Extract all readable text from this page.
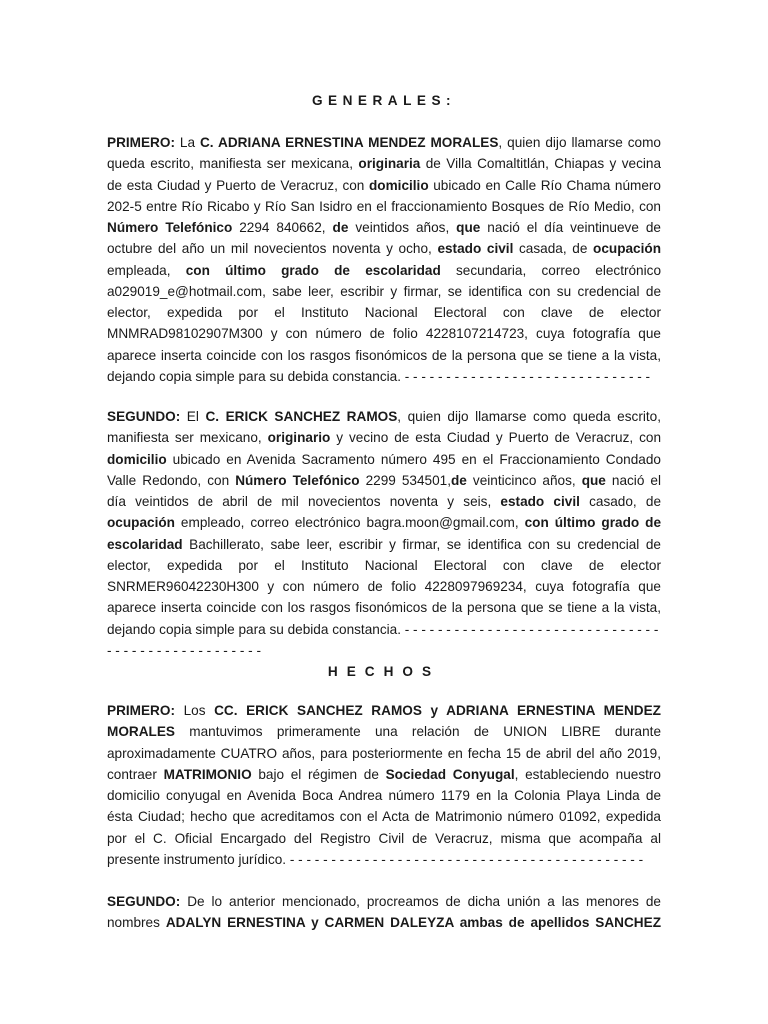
GENERALES:
PRIMERO: La C. ADRIANA ERNESTINA MENDEZ MORALES, quien dijo llamarse como
queda escrito, manifiesta ser mexicana, originaria de Villa Comaltitlán, Chiapas y vecina
de esta Ciudad y Puerto de Veracruz, con domicilio ubicado en Calle Río Chama número
202-5 entre Río Ricabo y Río San Isidro en el fraccionamiento Bosques de Río Medio, con
Número Telefónico 2294 840662, de veintidos años, que nació el día veintinueve de
octubre del año un mil novecientos noventa y ocho, estado civil casada, de ocupación
empleada, con último grado de escolaridad secundaria, correo electrónico
a029019_e@hotmail.com, sabe leer, escribir y firmar, se identifica con su credencial de
elector, expedida por el Instituto Nacional Electoral con clave de elector
MNMRAD98102907M300 y con número de folio 4228107214723, cuya fotografía que
aparece inserta coincide con los rasgos fisonómicos de la persona que se tiene a la vista,
dejando copia simple para su debida constancia. - - - - - - - - - - - - - - - - - - - - - - - - - - - - - -
SEGUNDO: El C. ERICK SANCHEZ RAMOS, quien dijo llamarse como queda escrito,
manifiesta ser mexicano, originario y vecino de esta Ciudad y Puerto de Veracruz, con
domicilio ubicado en Avenida Sacramento número 495 en el Fraccionamiento Condado
Valle Redondo, con Número Telefónico 2299 534501,de veinticinco años, que nació el
día veintidos de abril de mil novecientos noventa y seis, estado civil casado, de
ocupación empleado, correo electrónico bagra.moon@gmail.com, con último grado de
escolaridad Bachillerato, sabe leer, escribir y firmar, se identifica con su credencial de
elector, expedida por el Instituto Nacional Electoral con clave de elector
SNRMER96042230H300 y con número de folio 4228097969234, cuya fotografía que
aparece inserta coincide con los rasgos fisonómicos de la persona que se tiene a la vista,
dejando copia simple para su debida constancia. - - - - - - - - - - - - - - - - - - - - - - - - - - - - - - -
- - - - - - - - - - - - - - - - - - -
HECHOS
PRIMERO: Los CC. ERICK SANCHEZ RAMOS y ADRIANA ERNESTINA MENDEZ
MORALES mantuvimos primeramente una relación de UNION LIBRE durante
aproximadamente CUATRO años, para posteriormente en fecha 15 de abril del año 2019,
contraer MATRIMONIO bajo el régimen de Sociedad Conyugal, estableciendo nuestro
domicilio conyugal en Avenida Boca Andrea número 1179 en la Colonia Playa Linda de
ésta Ciudad; hecho que acreditamos con el Acta de Matrimonio número 01092, expedida
por el C. Oficial Encargado del Registro Civil de Veracruz, misma que acompaña al
presente instrumento jurídico. - - - - - - - - - - - - - - - - - - - - - - - - - - - - - - - - - - - - - - - - - - -
SEGUNDO: De lo anterior mencionado, procreamos de dicha unión a las menores de
nombres ADALYN ERNESTINA y CARMEN DALEYZA ambas de apellidos SANCHEZ
